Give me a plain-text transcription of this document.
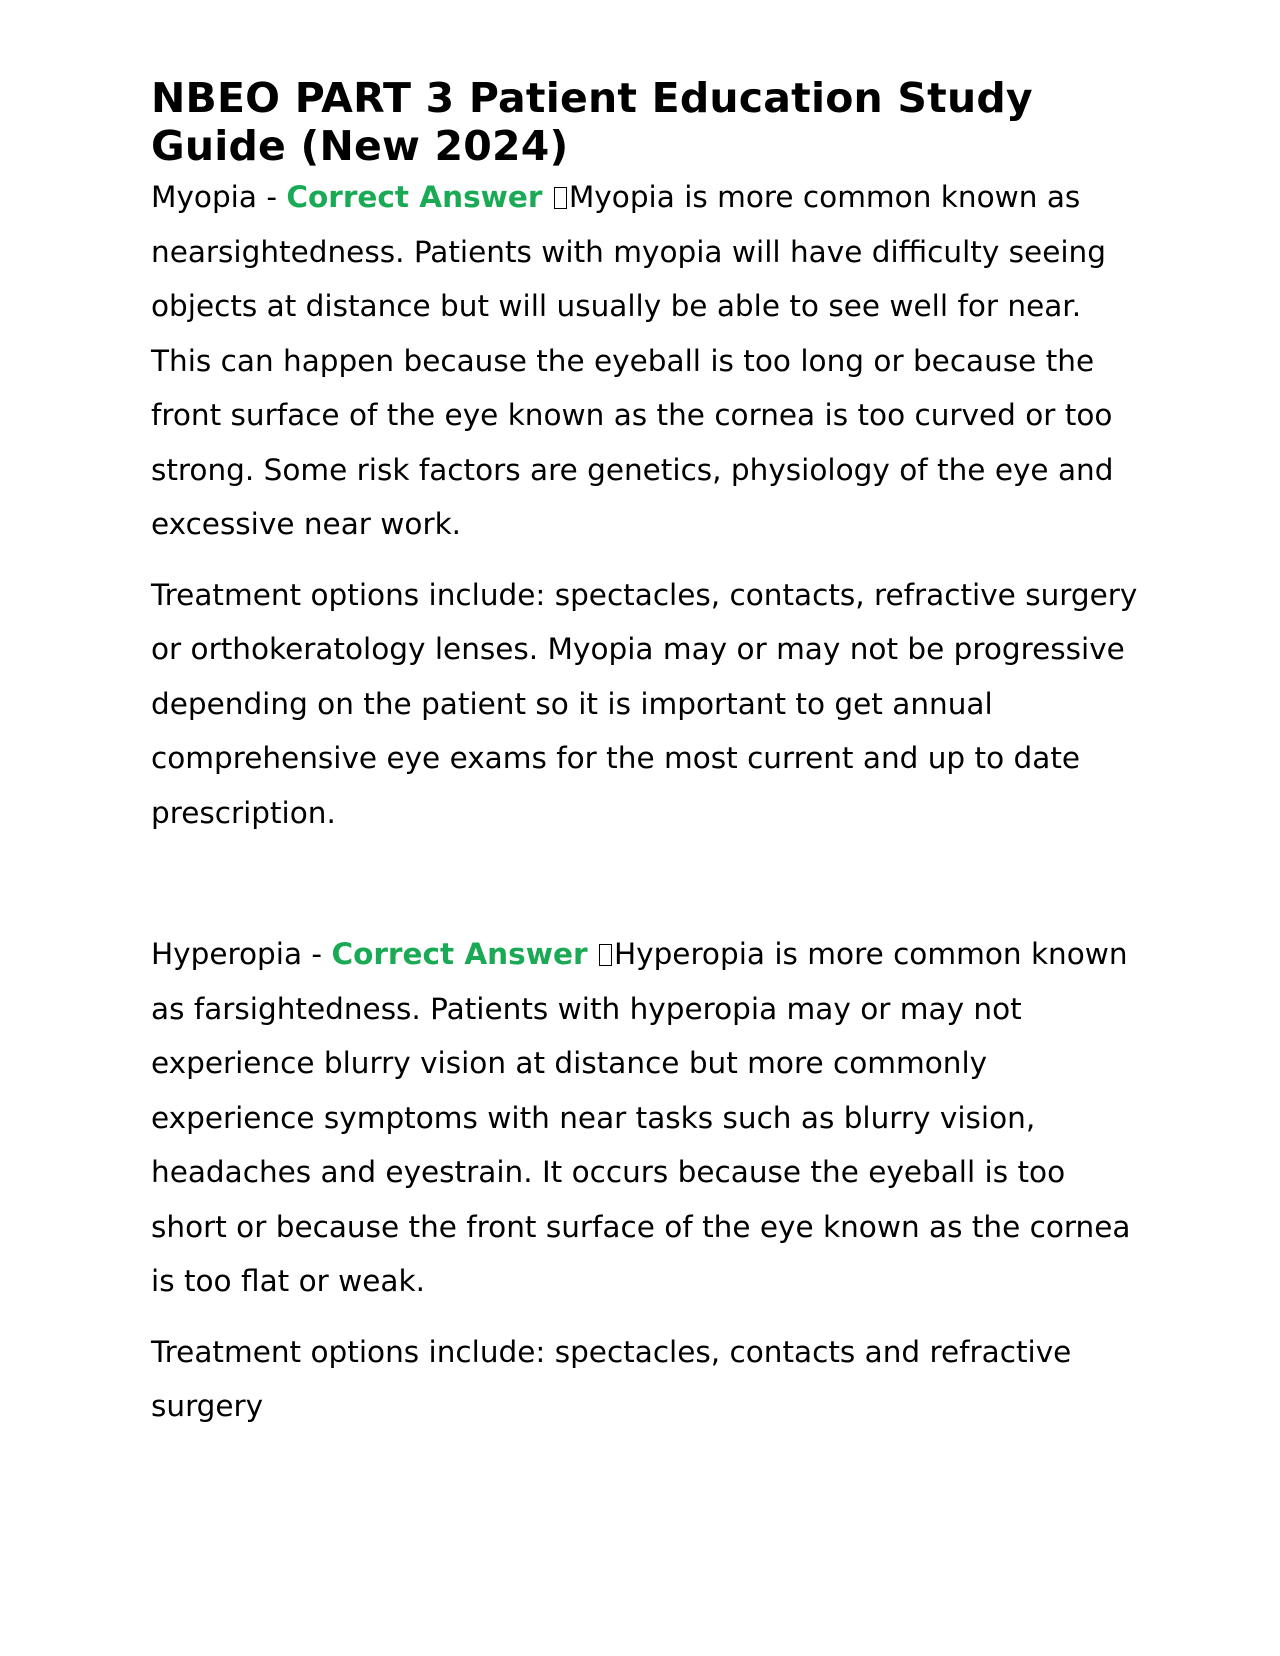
NBEO PART 3 Patient Education Study Guide (New 2024)

Myopia - Correct Answer Myopia is more common known as nearsightedness. Patients with myopia will have difficulty seeing objects at distance but will usually be able to see well for near. This can happen because the eyeball is too long or because the front surface of the eye known as the cornea is too curved or too strong. Some risk factors are genetics, physiology of the eye and excessive near work.

Treatment options include: spectacles, contacts, refractive surgery or orthokeratology lenses. Myopia may or may not be progressive depending on the patient so it is important to get annual comprehensive eye exams for the most current and up to date prescription.

Hyperopia - Correct Answer Hyperopia is more common known as farsightedness. Patients with hyperopia may or may not experience blurry vision at distance but more commonly experience symptoms with near tasks such as blurry vision, headaches and eyestrain. It occurs because the eyeball is too short or because the front surface of the eye known as the cornea is too flat or weak.

Treatment options include: spectacles, contacts and refractive surgery
